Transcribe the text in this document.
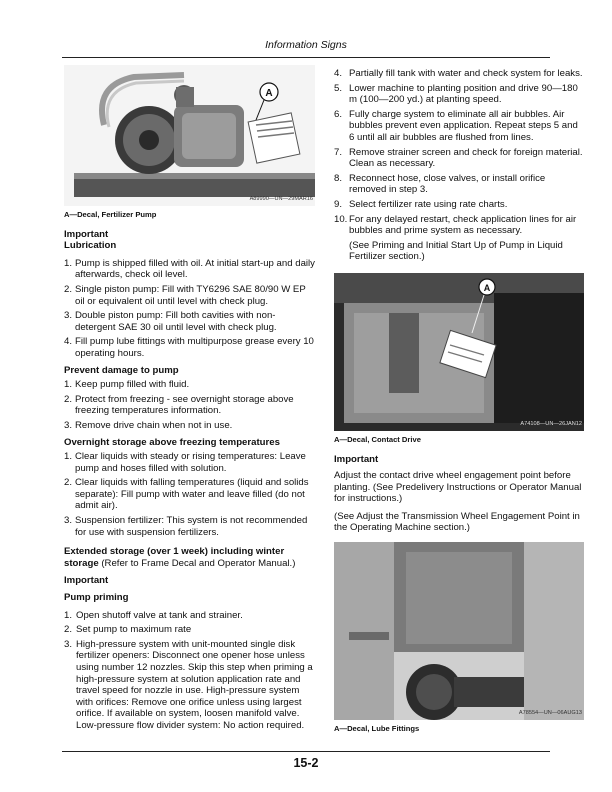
Information Signs
A
A89990—UN—29MAR16
A—Decal, Fertilizer Pump
Important
Lubrication
1. Pump is shipped filled with oil. At initial start-up and daily afterwards, check oil level.
2. Single piston pump: Fill with TY6296 SAE 80/90 W EP oil or equivalent oil until level with check plug.
3. Double piston pump: Fill both cavities with non-detergent SAE 30 oil until level with check plug.
4. Fill pump lube fittings with multipurpose grease every 10 operating hours.
Prevent damage to pump
1. Keep pump filled with fluid.
2. Protect from freezing - see overnight storage above freezing temperatures information.
3. Remove drive chain when not in use.
Overnight storage above freezing temperatures
1. Clear liquids with steady or rising temperatures: Leave pump and hoses filled with solution.
2. Clear liquids with falling temperatures (liquid and solids separate): Fill pump with water and leave filled (do not admit air).
3. Suspension fertilizer: This system is not recommended for use with suspension fertilizers.
Extended storage (over 1 week) including winter storage (Refer to Frame Decal and Operator Manual.)
Important
Pump priming
1. Open shutoff valve at tank and strainer.
2. Set pump to maximum rate
3. High-pressure system with unit-mounted single disk fertilizer openers: Disconnect one opener hose unless using number 12 nozzles. Skip this step when priming a high-pressure system at solution application rate and travel speed for nozzle in use. High-pressure system with orifices: Remove one orifice unless using largest orifice. If available on system, loosen manifold valve. Low-pressure flow divider system: No action required.
4. Partially fill tank with water and check system for leaks.
5. Lower machine to planting position and drive 90—180 m (100—200 yd.) at planting speed.
6. Fully charge system to eliminate all air bubbles. Air bubbles prevent even application. Repeat steps 5 and 6 until all air bubbles are flushed from lines.
7. Remove strainer screen and check for foreign material. Clean as necessary.
8. Reconnect hose, close valves, or install orifice removed in step 3.
9. Select fertilizer rate using rate charts.
10. For any delayed restart, check application lines for air bubbles and prime system as necessary.
(See Priming and Initial Start Up of Pump in Liquid Fertilizer section.)
A
A74108—UN—26JAN12
A—Decal, Contact Drive
Important
Adjust the contact drive wheel engagement point before planting. (See Predelivery Instructions or Operator Manual for instructions.)
(See Adjust the Transmission Wheel Engagement Point in the Operating Machine section.)
A78554—UN—06AUG13
A—Decal, Lube Fittings
15-2
